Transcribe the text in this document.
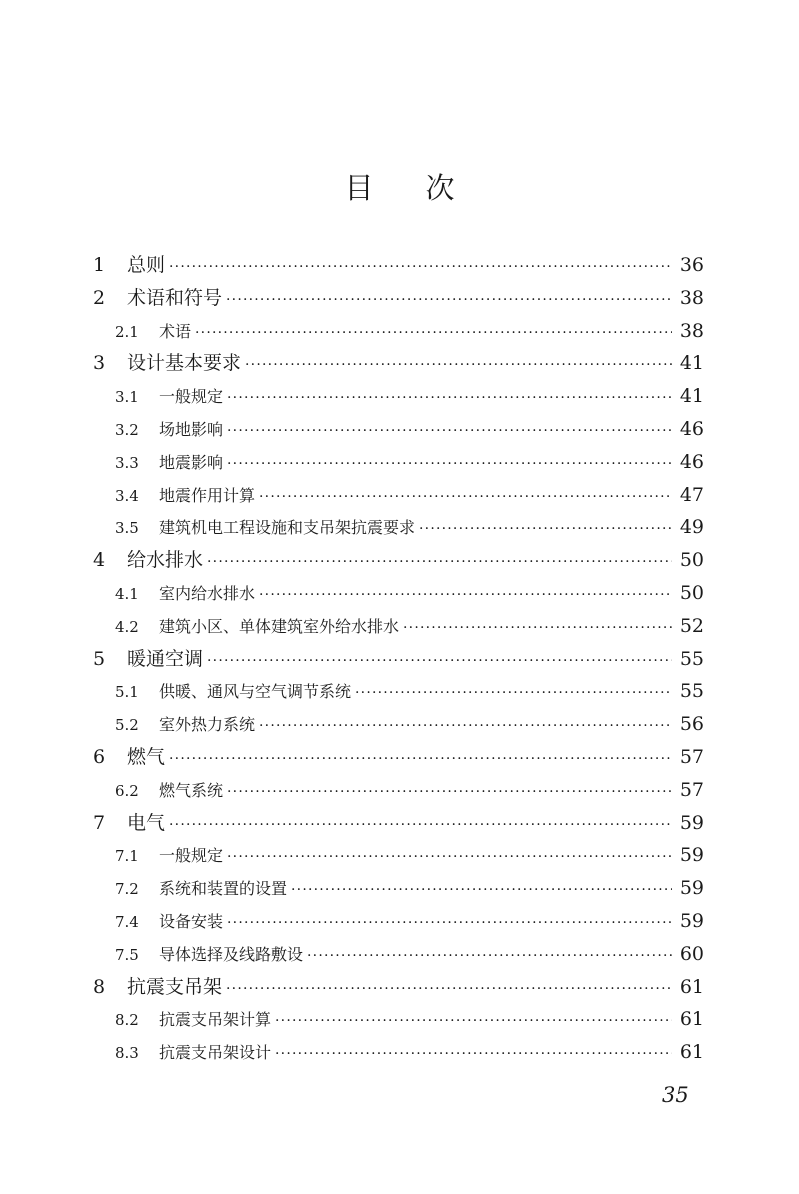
目 次
1	总则 ·····	36
2	术语和符号 ·····	38
2.1	术语 ·····	38
3	设计基本要求 ·····	41
3.1	一般规定 ·····	41
3.2	场地影响 ·····	46
3.3	地震影响 ·····	46
3.4	地震作用计算 ·····	47
3.5	建筑机电工程设施和支吊架抗震要求 ·····	49
4	给水排水 ·····	50
4.1	室内给水排水 ·····	50
4.2	建筑小区、单体建筑室外给水排水 ·····	52
5	暖通空调 ·····	55
5.1	供暖、通风与空气调节系统 ·····	55
5.2	室外热力系统 ·····	56
6	燃气 ·····	57
6.2	燃气系统 ·····	57
7	电气 ·····	59
7.1	一般规定 ·····	59
7.2	系统和装置的设置 ·····	59
7.4	设备安装 ·····	59
7.5	导体选择及线路敷设 ·····	60
8	抗震支吊架 ·····	61
8.2	抗震支吊架计算 ·····	61
8.3	抗震支吊架设计 ·····	61
35
